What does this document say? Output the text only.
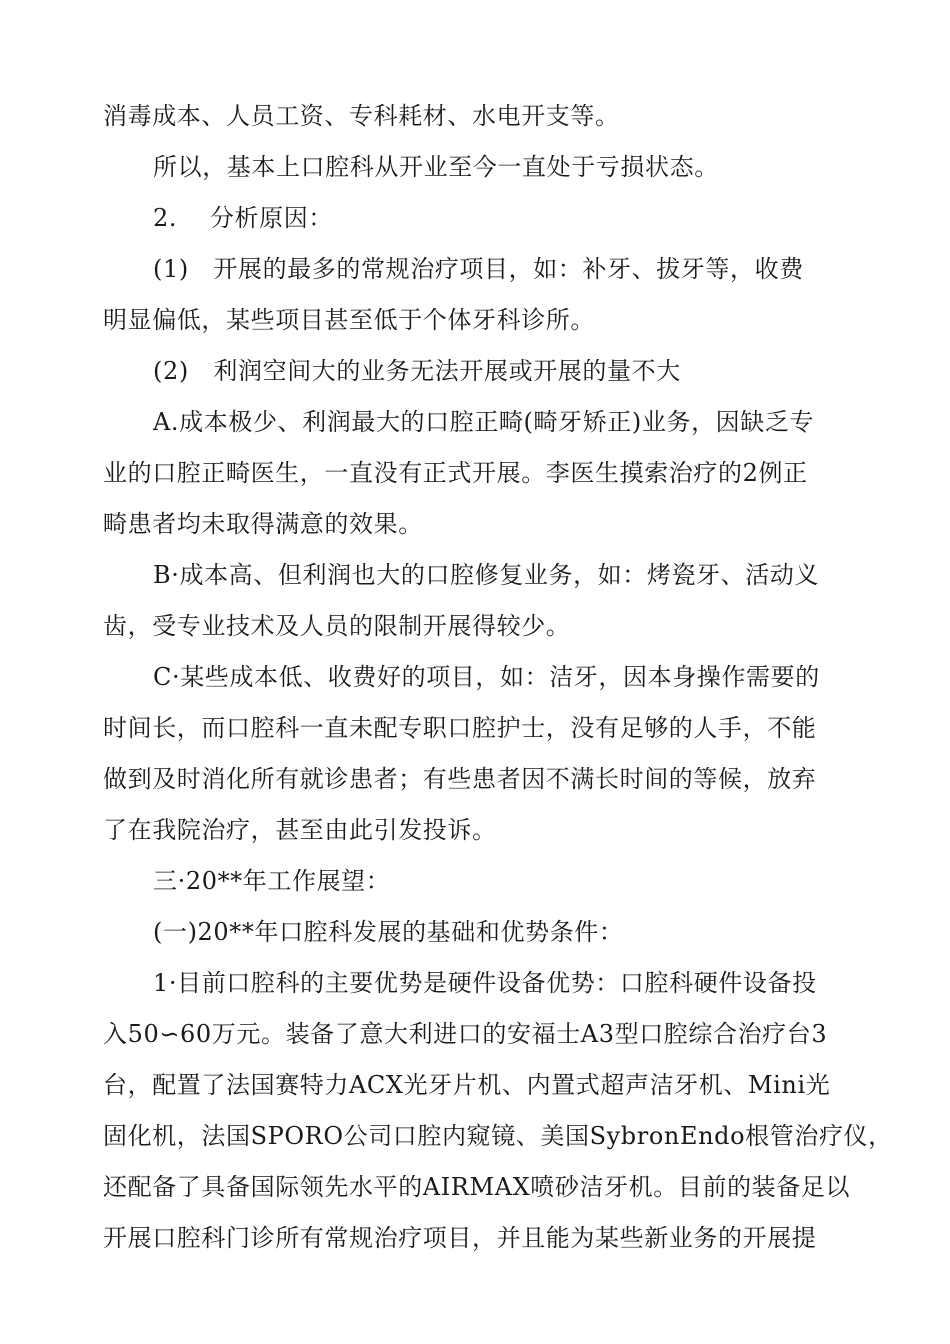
消毒成本、人员工资、专科耗材、水电开支等。
所以，基本上口腔科从开业至今一直处于亏损状态。
2.　 分析原因：
(1)　开展的最多的常规治疗项目，如：补牙、拔牙等，收费
明显偏低，某些项目甚至低于个体牙科诊所。
(2)　利润空间大的业务无法开展或开展的量不大
A.成本极少、利润最大的口腔正畸(畸牙矫正)业务，因缺乏专
业的口腔正畸医生，一直没有正式开展。李医生摸索治疗的2例正
畸患者均未取得满意的效果。
B·成本高、但利润也大的口腔修复业务，如：烤瓷牙、活动义
齿，受专业技术及人员的限制开展得较少。
C·某些成本低、收费好的项目，如：洁牙，因本身操作需要的
时间长，而口腔科一直未配专职口腔护士，没有足够的人手，不能
做到及时消化所有就诊患者；有些患者因不满长时间的等候，放弃
了在我院治疗，甚至由此引发投诉。
三·20**年工作展望：
(一)20**年口腔科发展的基础和优势条件：
1·目前口腔科的主要优势是硬件设备优势：口腔科硬件设备投
入50∽60万元。装备了意大利进口的安福士A3型口腔综合治疗台3
台，配置了法国赛特力ACX光牙片机、内置式超声洁牙机、Mini光
固化机，法国SPORO公司口腔内窥镜、美国SybronEndo根管治疗仪，
还配备了具备国际领先水平的AIRMAX喷砂洁牙机。目前的装备足以
开展口腔科门诊所有常规治疗项目，并且能为某些新业务的开展提
